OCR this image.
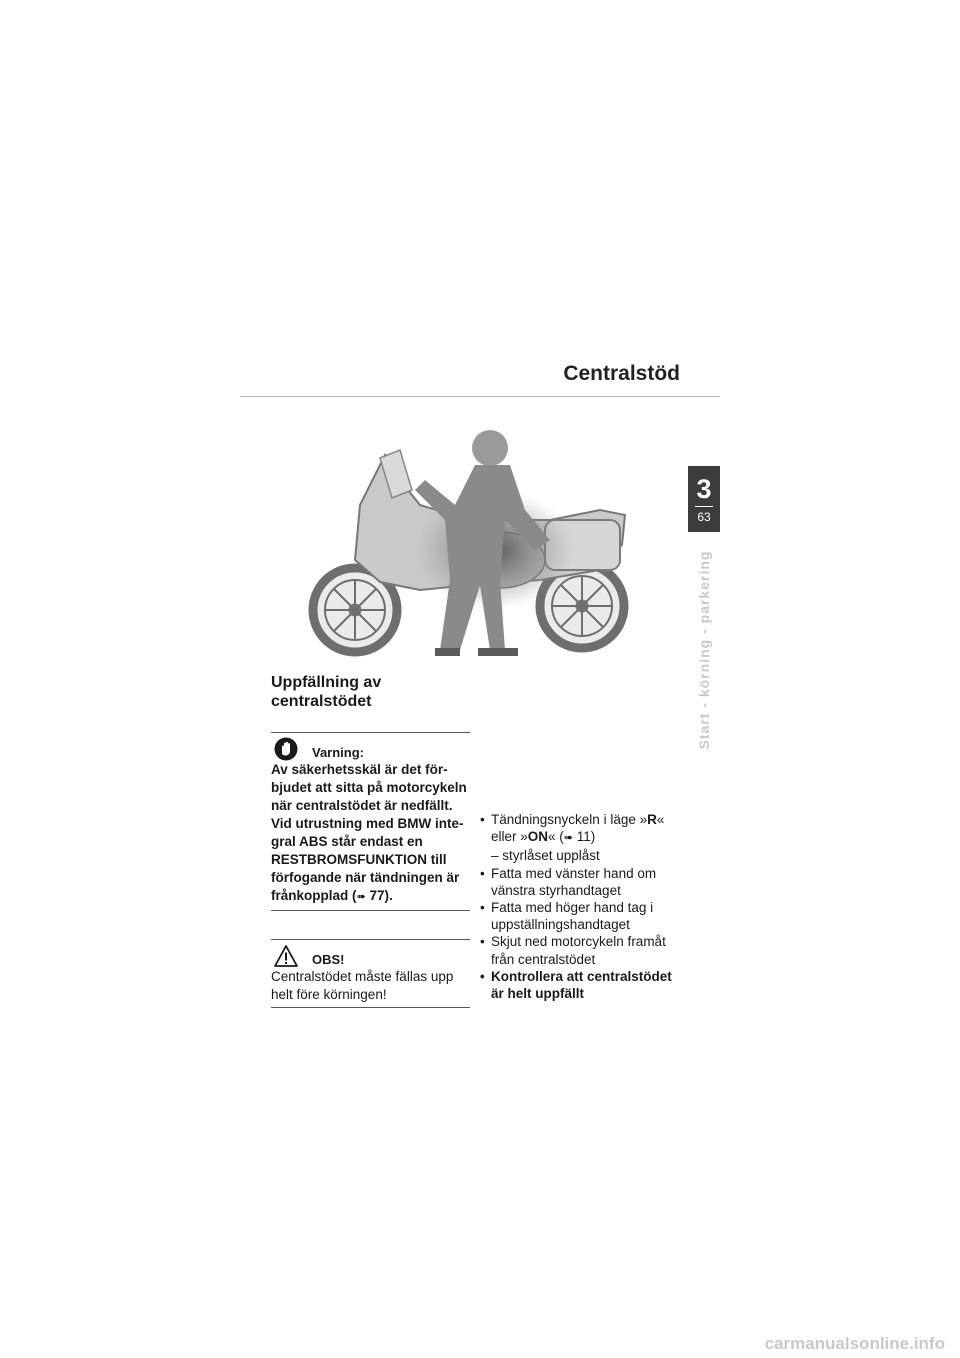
Centralstöd
3
63
Start - körning - parkering
Uppfällning av centralstödet
Varning:

Av säkerhetsskäl är det förbjudet att sitta på motorcykeln när centralstödet är nedfällt.

Vid utrustning med BMW integral ABS står endast en RESTBROMSFUNKTION till förfogande när tändningen är frånkopplad (➠ 77).

OBS!

Centralstödet måste fällas upp helt före körningen!

• Tändningsnyckeln i läge »R« eller »ON« (➠ 11)
– styrlåset upplåst
• Fatta med vänster hand om vänstra styrhandtaget
• Fatta med höger hand tag i uppställningshandtaget
• Skjut ned motorcykeln framåt från centralstödet
• Kontrollera att centralstödet är helt uppfällt
carmanualsonline.info
